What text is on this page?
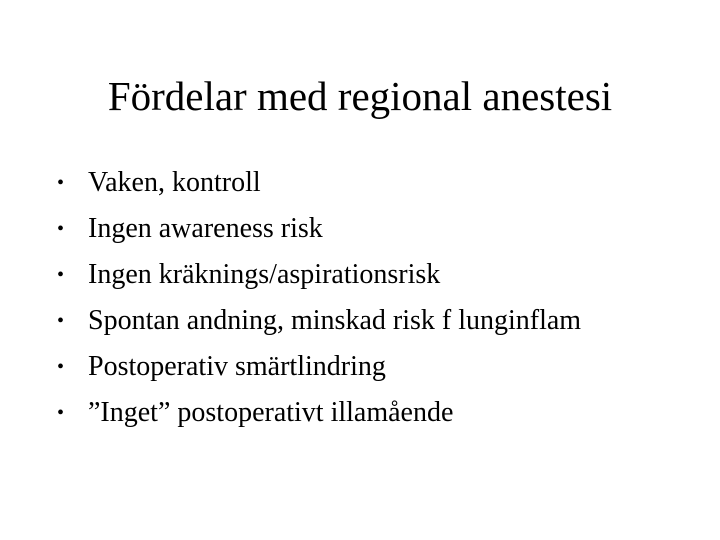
Fördelar med regional anestesi
• Vaken, kontroll
• Ingen awareness risk
• Ingen kräknings/aspirationsrisk
• Spontan andning, minskad risk f lunginflam
• Postoperativ smärtlindring
• ”Inget” postoperativt illamående
